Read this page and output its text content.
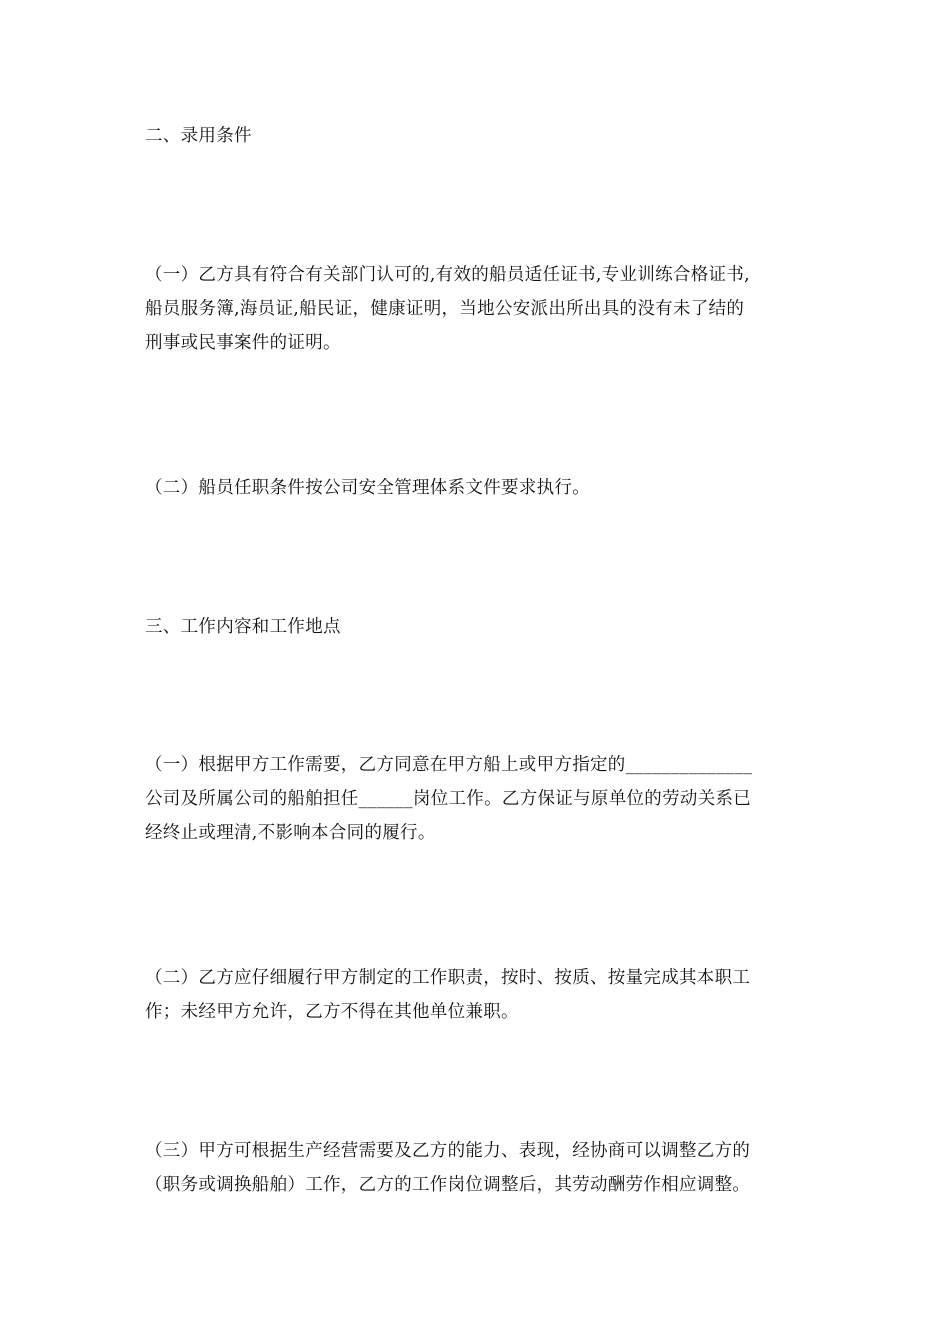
二、录用条件
（一）乙方具有符合有关部门认可的,有效的船员适任证书,专业训练合格证书,
船员服务簿,海员证,船民证，健康证明，当地公安派出所出具的没有未了结的
刑事或民事案件的证明。
（二）船员任职条件按公司安全管理体系文件要求执行。
三、工作内容和工作地点
（一）根据甲方工作需要，乙方同意在甲方船上或甲方指定的______________
公司及所属公司的船舶担任______岗位工作。乙方保证与原单位的劳动关系已
经终止或理清,不影响本合同的履行。
（二）乙方应仔细履行甲方制定的工作职责，按时、按质、按量完成其本职工
作；未经甲方允许，乙方不得在其他单位兼职。
（三）甲方可根据生产经营需要及乙方的能力、表现，经协商可以调整乙方的
（职务或调换船舶）工作，乙方的工作岗位调整后，其劳动酬劳作相应调整。
